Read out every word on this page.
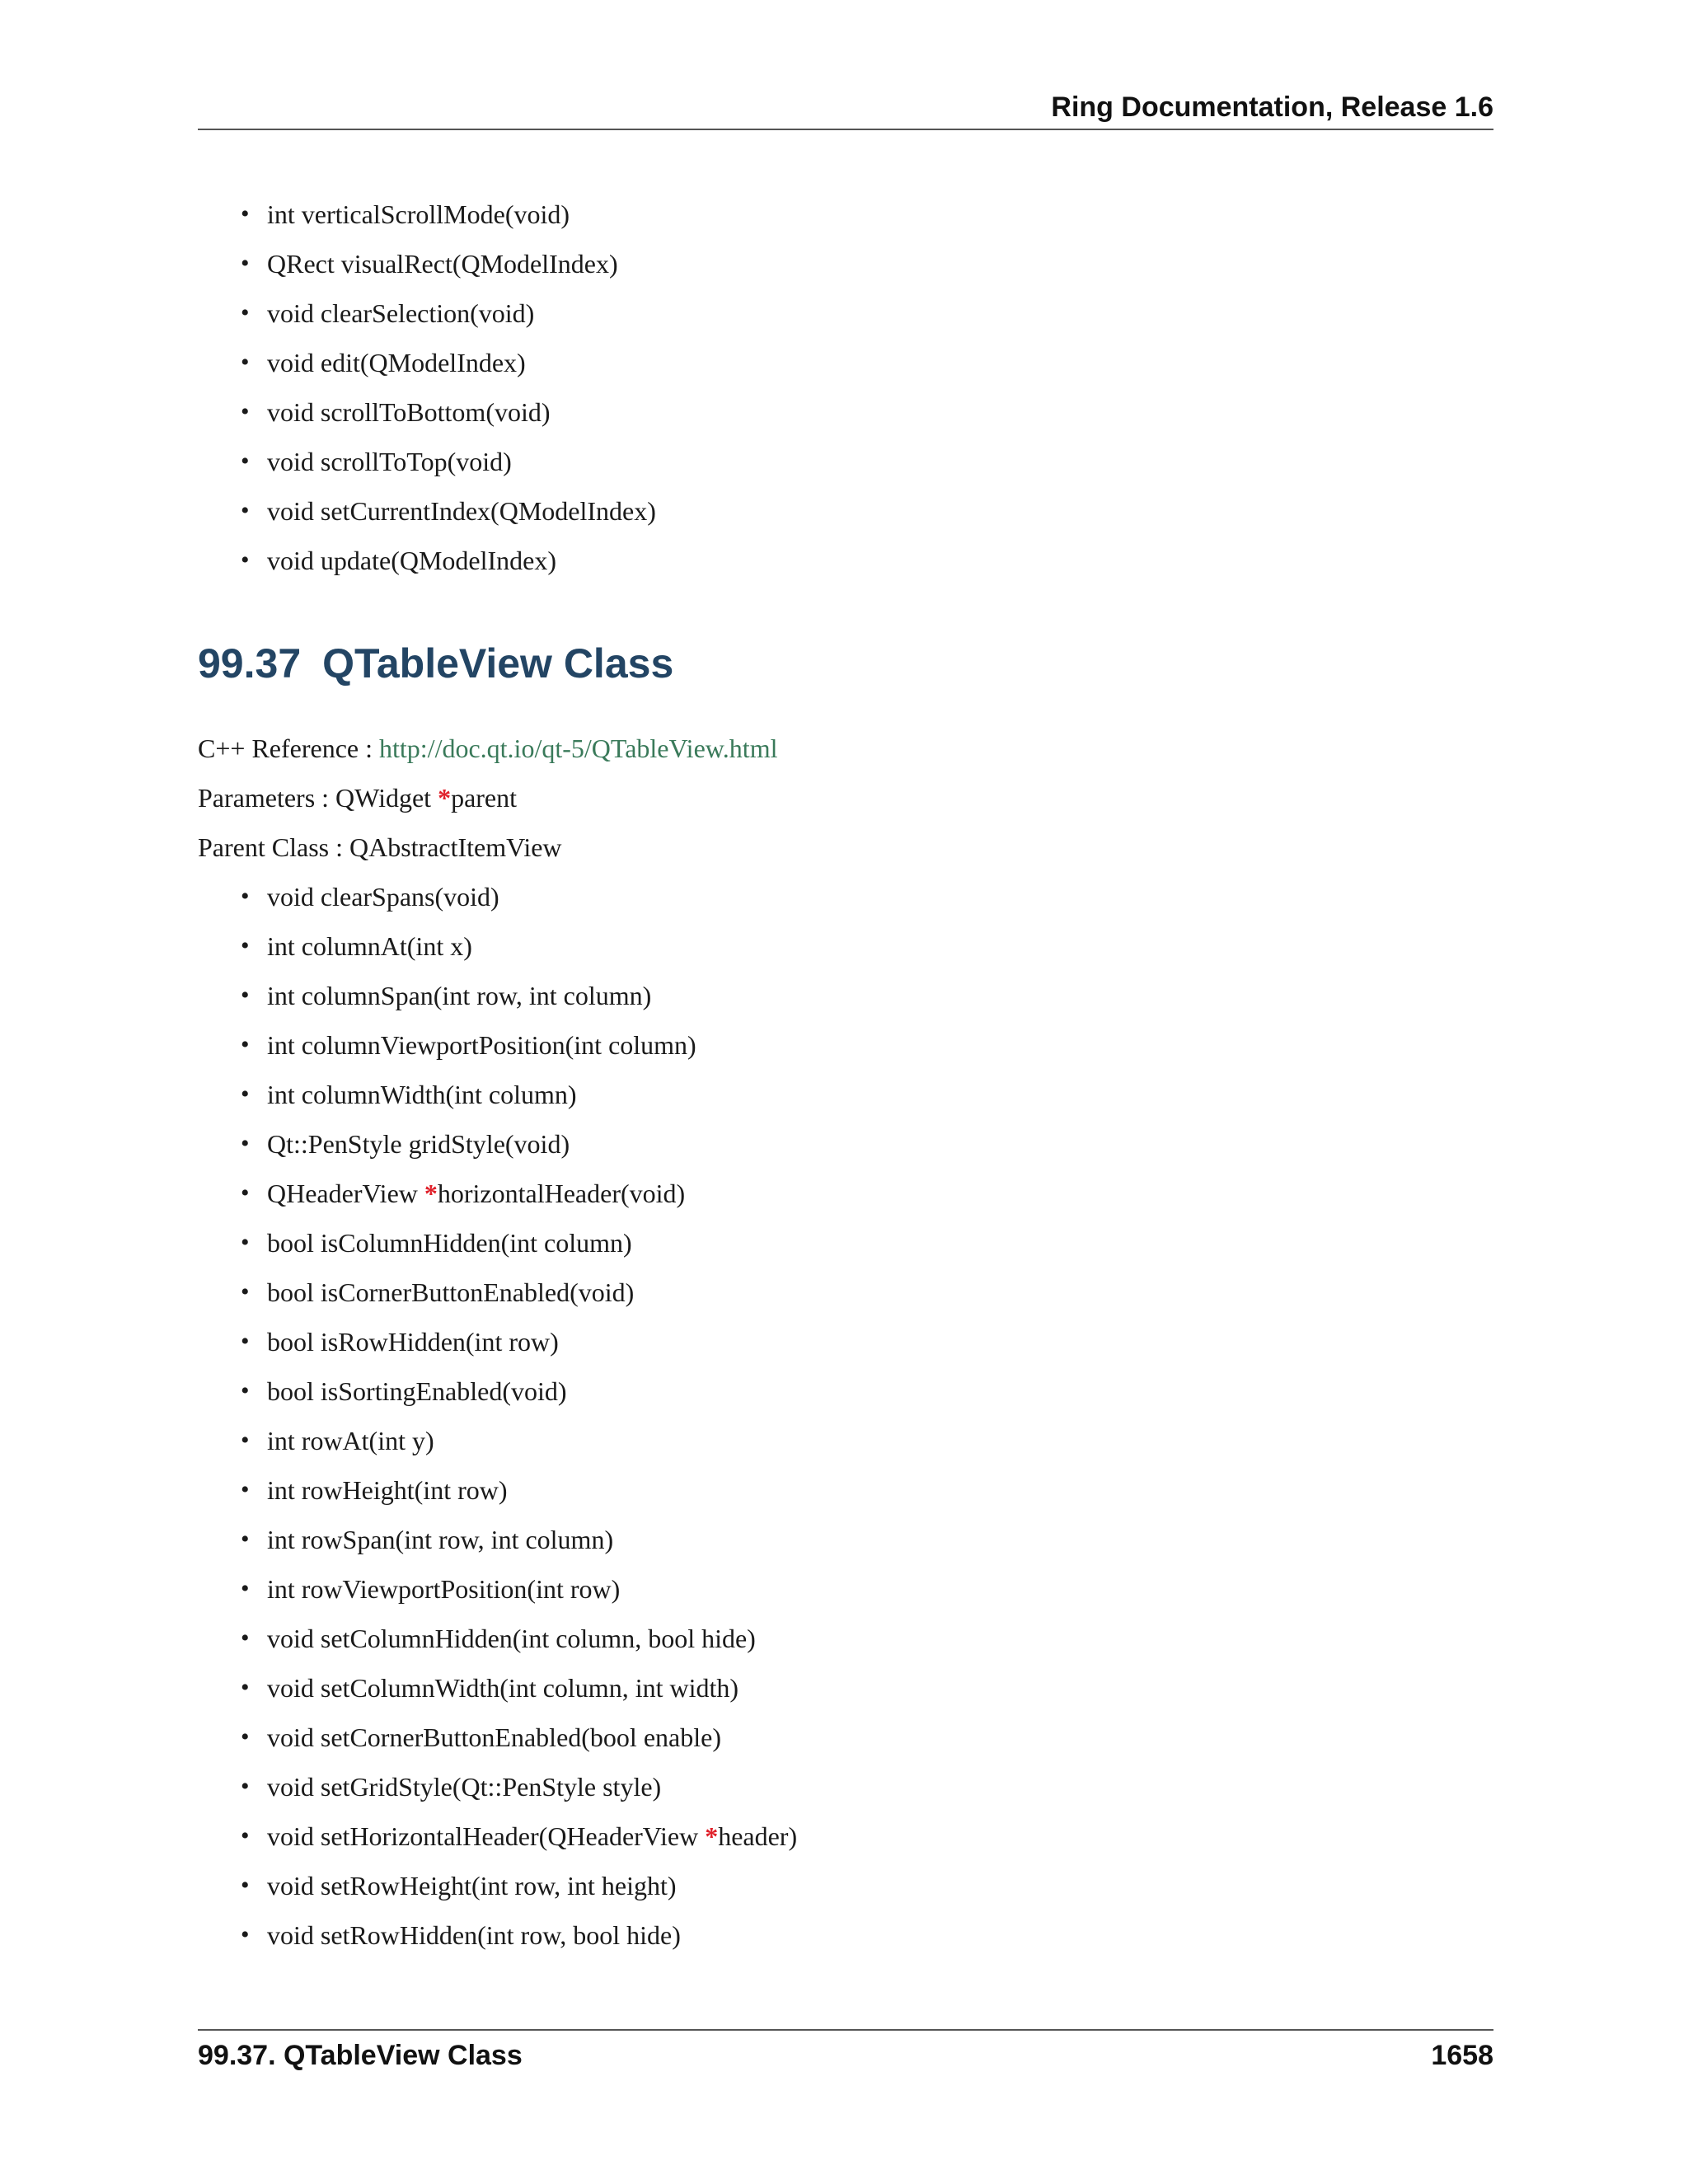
Ring Documentation, Release 1.6
• int verticalScrollMode(void)
• QRect visualRect(QModelIndex)
• void clearSelection(void)
• void edit(QModelIndex)
• void scrollToBottom(void)
• void scrollToTop(void)
• void setCurrentIndex(QModelIndex)
• void update(QModelIndex)
99.37 QTableView Class
C++ Reference : http://doc.qt.io/qt-5/QTableView.html
Parameters : QWidget *parent
Parent Class : QAbstractItemView
• void clearSpans(void)
• int columnAt(int x)
• int columnSpan(int row, int column)
• int columnViewportPosition(int column)
• int columnWidth(int column)
• Qt::PenStyle gridStyle(void)
• QHeaderView *horizontalHeader(void)
• bool isColumnHidden(int column)
• bool isCornerButtonEnabled(void)
• bool isRowHidden(int row)
• bool isSortingEnabled(void)
• int rowAt(int y)
• int rowHeight(int row)
• int rowSpan(int row, int column)
• int rowViewportPosition(int row)
• void setColumnHidden(int column, bool hide)
• void setColumnWidth(int column, int width)
• void setCornerButtonEnabled(bool enable)
• void setGridStyle(Qt::PenStyle style)
• void setHorizontalHeader(QHeaderView *header)
• void setRowHeight(int row, int height)
• void setRowHidden(int row, bool hide)
99.37. QTableView Class	1658
